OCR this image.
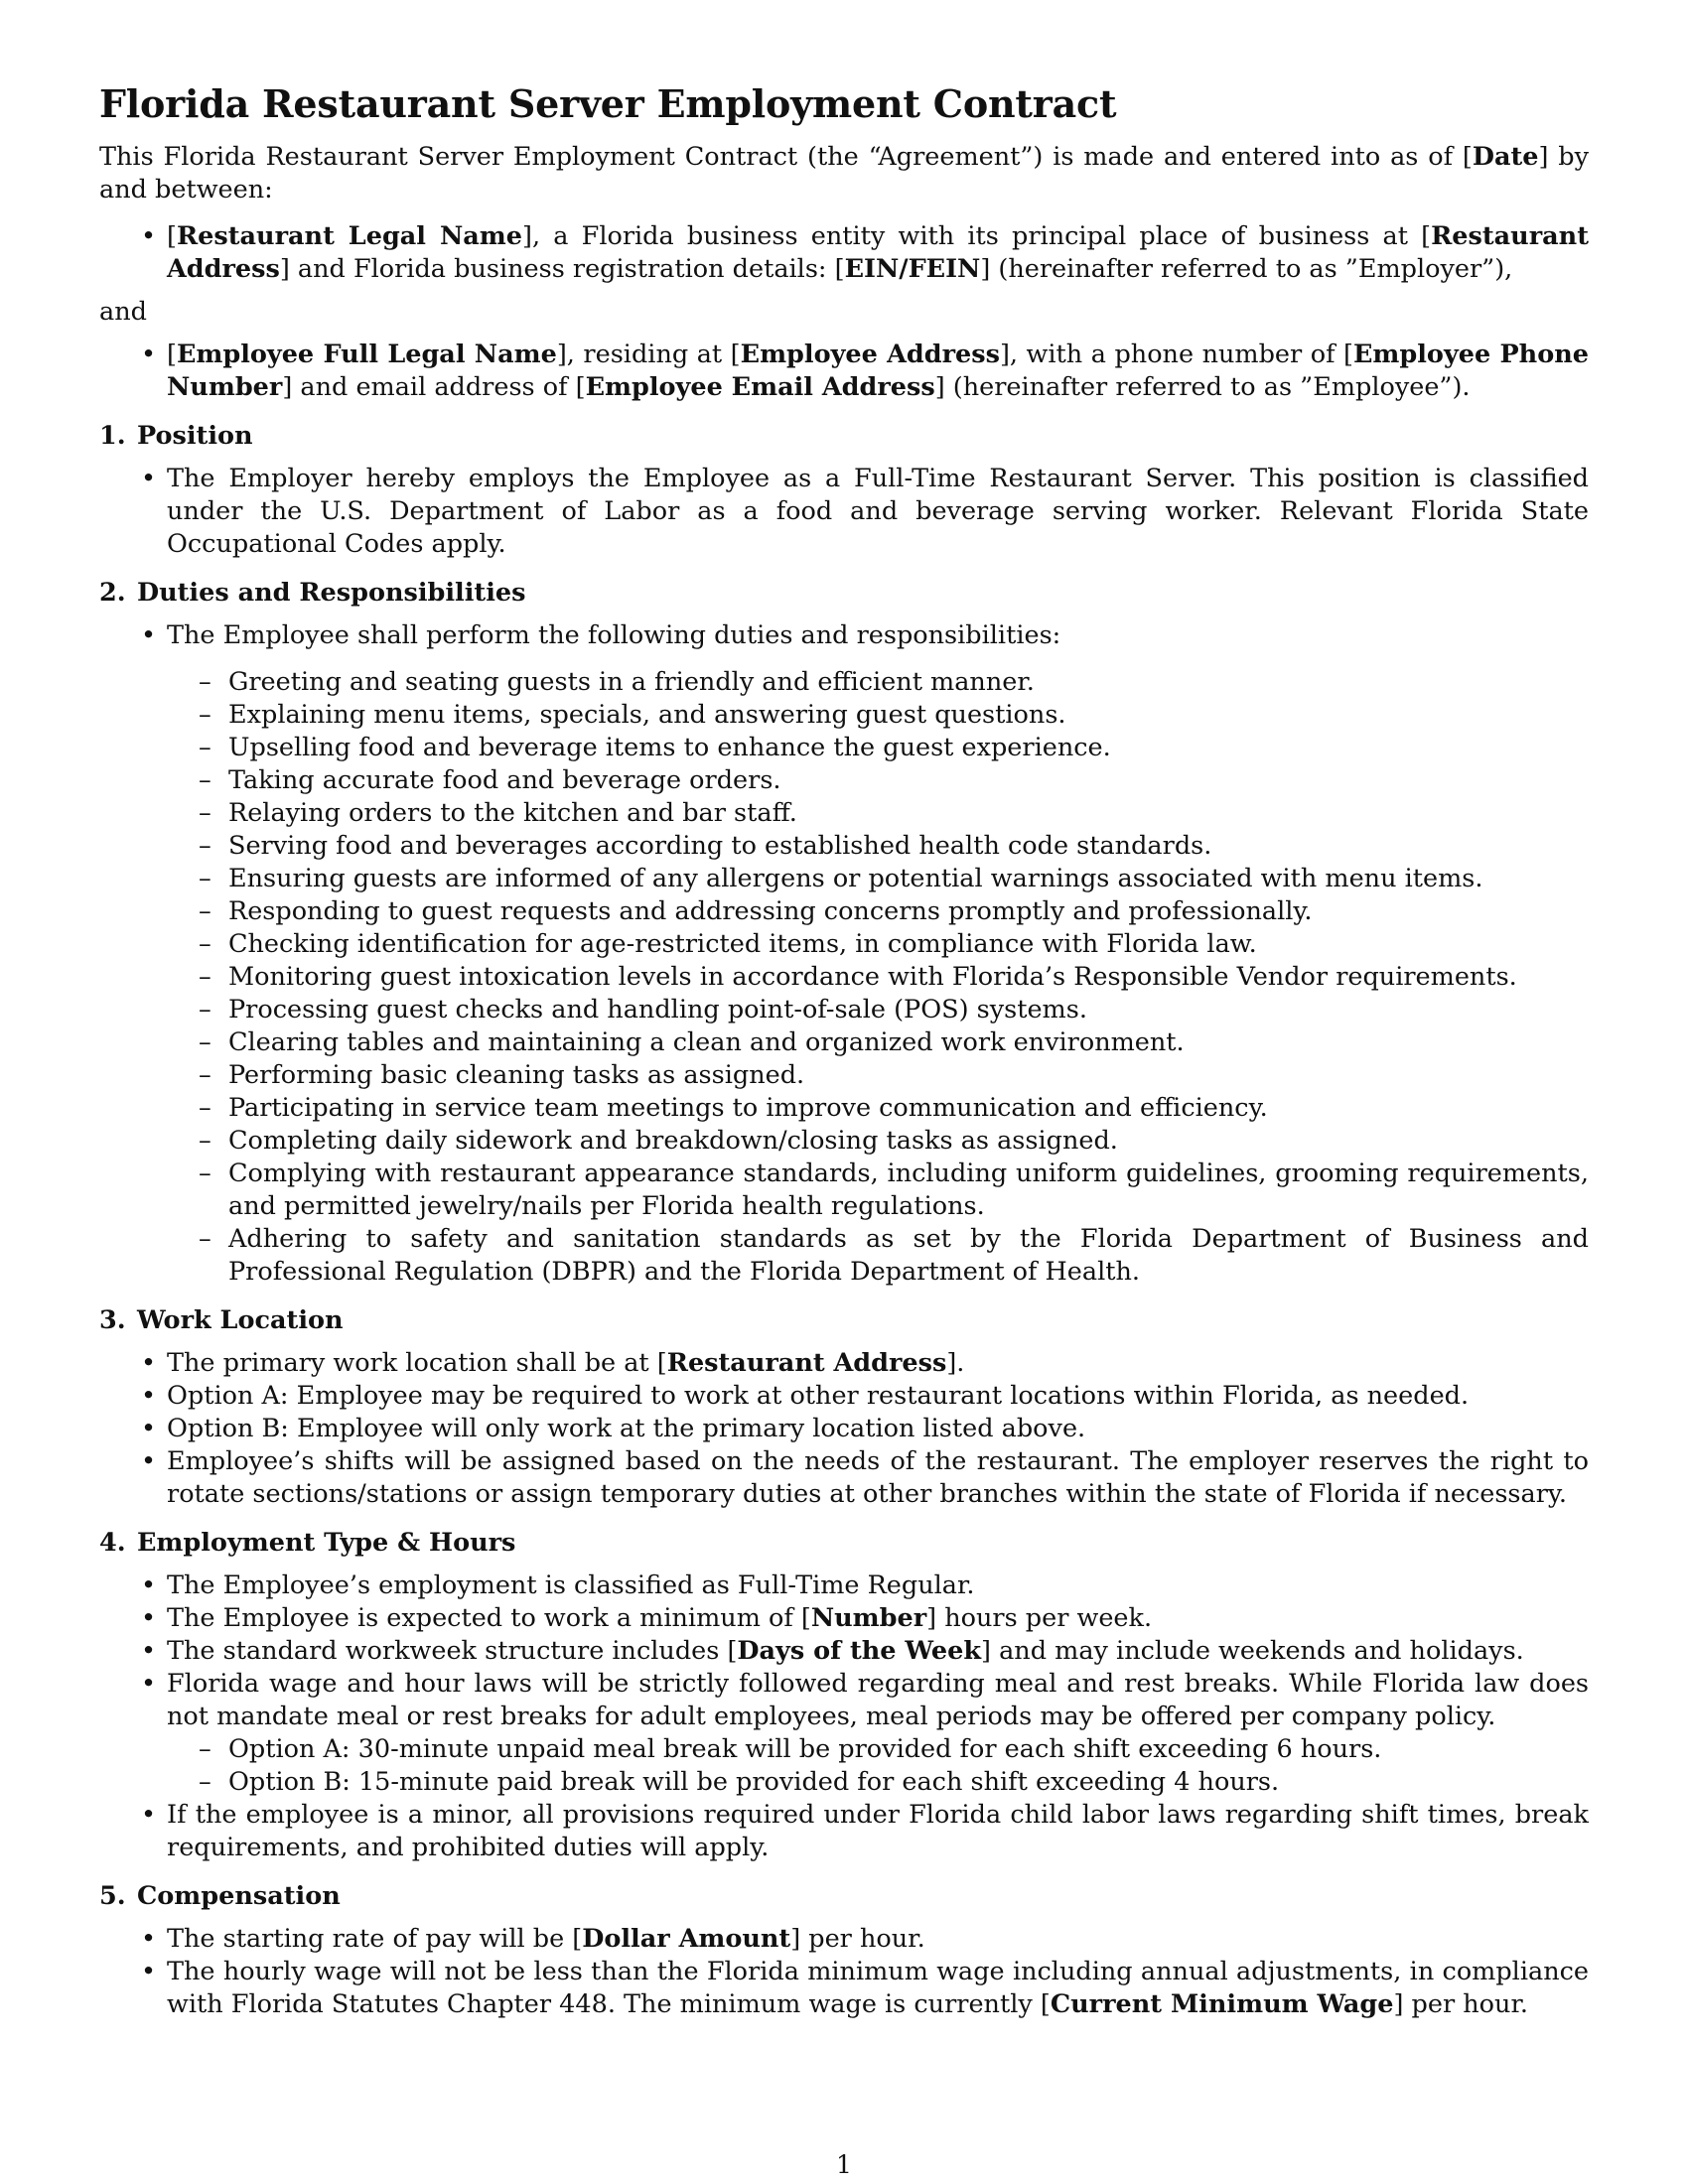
Florida Restaurant Server Employment Contract

This Florida Restaurant Server Employment Contract (the “Agreement”) is made and entered into as of [Date] by and between:

• [Restaurant Legal Name], a Florida business entity with its principal place of business at [Restaurant Address] and Florida business registration details: [EIN/FEIN] (hereinafter referred to as ”Employer”),

and

• [Employee Full Legal Name], residing at [Employee Address], with a phone number of [Employee Phone Number] and email address of [Employee Email Address] (hereinafter referred to as ”Employee”).
1. Position
• The Employer hereby employs the Employee as a Full-Time Restaurant Server. This position is classified under the U.S. Department of Labor as a food and beverage serving worker. Relevant Florida State Occupational Codes apply.
2. Duties and Responsibilities
• The Employee shall perform the following duties and responsibilities:
– Greeting and seating guests in a friendly and efficient manner.
– Explaining menu items, specials, and answering guest questions.
– Upselling food and beverage items to enhance the guest experience.
– Taking accurate food and beverage orders.
– Relaying orders to the kitchen and bar staff.
– Serving food and beverages according to established health code standards.
– Ensuring guests are informed of any allergens or potential warnings associated with menu items.
– Responding to guest requests and addressing concerns promptly and professionally.
– Checking identification for age-restricted items, in compliance with Florida law.
– Monitoring guest intoxication levels in accordance with Florida’s Responsible Vendor requirements.
– Processing guest checks and handling point-of-sale (POS) systems.
– Clearing tables and maintaining a clean and organized work environment.
– Performing basic cleaning tasks as assigned.
– Participating in service team meetings to improve communication and efficiency.
– Completing daily sidework and breakdown/closing tasks as assigned.
– Complying with restaurant appearance standards, including uniform guidelines, grooming requirements, and permitted jewelry/nails per Florida health regulations.
– Adhering to safety and sanitation standards as set by the Florida Department of Business and Professional Regulation (DBPR) and the Florida Department of Health.
3. Work Location
• The primary work location shall be at [Restaurant Address].
• Option A: Employee may be required to work at other restaurant locations within Florida, as needed.
• Option B: Employee will only work at the primary location listed above.
• Employee’s shifts will be assigned based on the needs of the restaurant. The employer reserves the right to rotate sections/stations or assign temporary duties at other branches within the state of Florida if necessary.
4. Employment Type & Hours
• The Employee’s employment is classified as Full-Time Regular.
• The Employee is expected to work a minimum of [Number] hours per week.
• The standard workweek structure includes [Days of the Week] and may include weekends and holidays.
• Florida wage and hour laws will be strictly followed regarding meal and rest breaks. While Florida law does not mandate meal or rest breaks for adult employees, meal periods may be offered per company policy.
– Option A: 30-minute unpaid meal break will be provided for each shift exceeding 6 hours.
– Option B: 15-minute paid break will be provided for each shift exceeding 4 hours.
• If the employee is a minor, all provisions required under Florida child labor laws regarding shift times, break requirements, and prohibited duties will apply.
5. Compensation
• The starting rate of pay will be [Dollar Amount] per hour.
• The hourly wage will not be less than the Florida minimum wage including annual adjustments, in compliance with Florida Statutes Chapter 448. The minimum wage is currently [Current Minimum Wage] per hour.
1
